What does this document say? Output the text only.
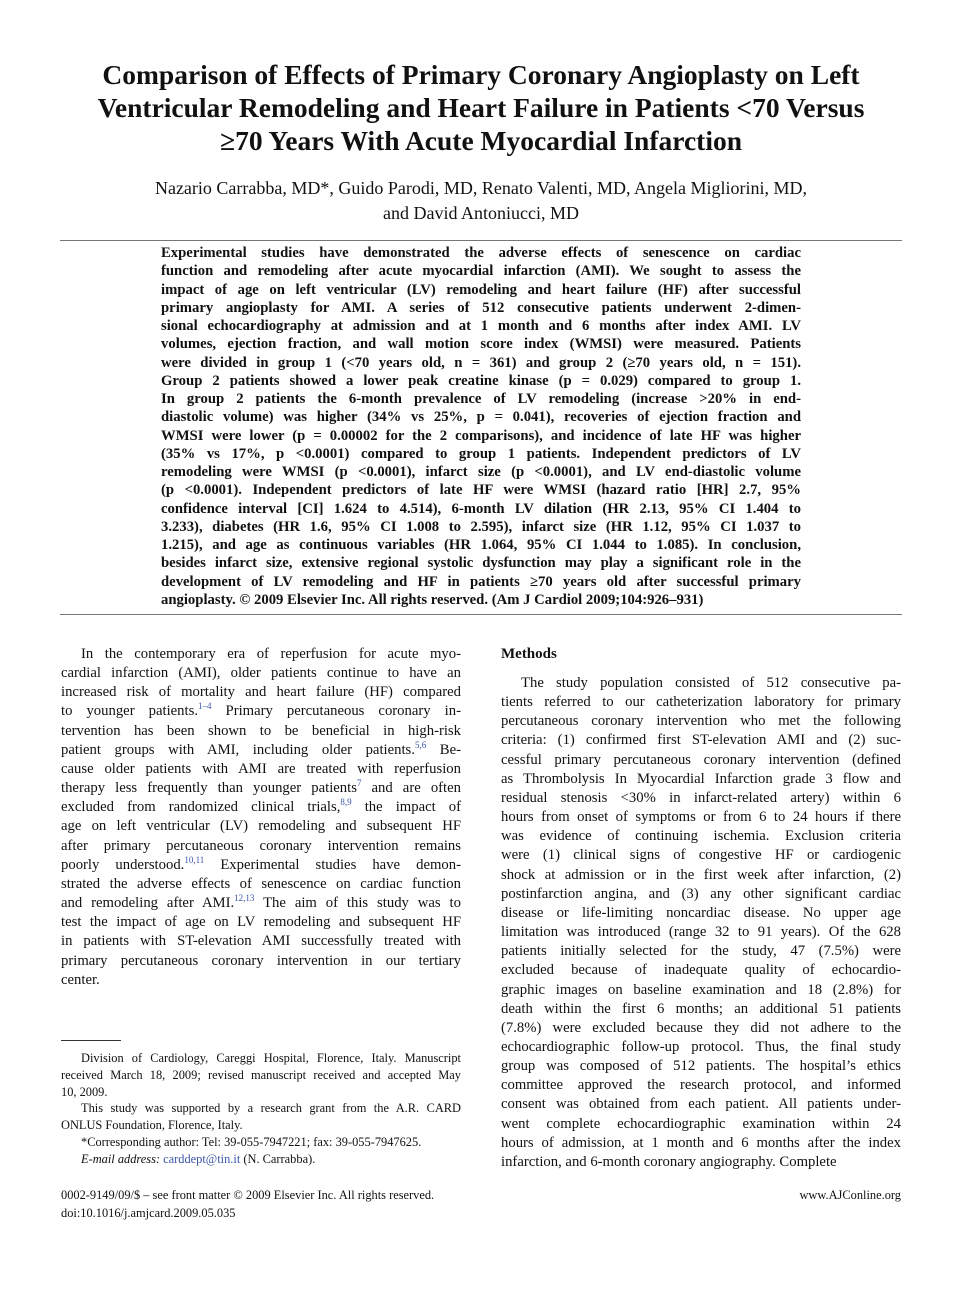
Comparison of Effects of Primary Coronary Angioplasty on Left
Ventricular Remodeling and Heart Failure in Patients <70 Versus
≥70 Years With Acute Myocardial Infarction
Nazario Carrabba, MD*, Guido Parodi, MD, Renato Valenti, MD, Angela Migliorini, MD,
and David Antoniucci, MD
Experimental studies have demonstrated the adverse effects of senescence on cardiac
function and remodeling after acute myocardial infarction (AMI). We sought to assess the
impact of age on left ventricular (LV) remodeling and heart failure (HF) after successful
primary angioplasty for AMI. A series of 512 consecutive patients underwent 2-dimen-
sional echocardiography at admission and at 1 month and 6 months after index AMI. LV
volumes, ejection fraction, and wall motion score index (WMSI) were measured. Patients
were divided in group 1 (<70 years old, n = 361) and group 2 (≥70 years old, n = 151).
Group 2 patients showed a lower peak creatine kinase (p = 0.029) compared to group 1.
In group 2 patients the 6-month prevalence of LV remodeling (increase >20% in end-
diastolic volume) was higher (34% vs 25%, p = 0.041), recoveries of ejection fraction and
WMSI were lower (p = 0.00002 for the 2 comparisons), and incidence of late HF was higher
(35% vs 17%, p <0.0001) compared to group 1 patients. Independent predictors of LV
remodeling were WMSI (p <0.0001), infarct size (p <0.0001), and LV end-diastolic volume
(p <0.0001). Independent predictors of late HF were WMSI (hazard ratio [HR] 2.7, 95%
confidence interval [CI] 1.624 to 4.514), 6-month LV dilation (HR 2.13, 95% CI 1.404 to
3.233), diabetes (HR 1.6, 95% CI 1.008 to 2.595), infarct size (HR 1.12, 95% CI 1.037 to
1.215), and age as continuous variables (HR 1.064, 95% CI 1.044 to 1.085). In conclusion,
besides infarct size, extensive regional systolic dysfunction may play a significant role in the
development of LV remodeling and HF in patients ≥70 years old after successful primary
angioplasty. © 2009 Elsevier Inc. All rights reserved. (Am J Cardiol 2009;104:926–931)
In the contemporary era of reperfusion for acute myo-
cardial infarction (AMI), older patients continue to have an
increased risk of mortality and heart failure (HF) compared
to younger patients.$^{1-4}$ Primary percutaneous coronary in-
tervention has been shown to be beneficial in high-risk
patient groups with AMI, including older patients.$^{5,6}$ Be-
cause older patients with AMI are treated with reperfusion
therapy less frequently than younger patients$^7$ and are often
excluded from randomized clinical trials,$^{8,9}$ the impact of
age on left ventricular (LV) remodeling and subsequent HF
after primary percutaneous coronary intervention remains
poorly understood.$^{10,11}$ Experimental studies have demon-
strated the adverse effects of senescence on cardiac function
and remodeling after AMI.$^{12,13}$ The aim of this study was to
test the impact of age on LV remodeling and subsequent HF
in patients with ST-elevation AMI successfully treated with
primary percutaneous coronary intervention in our tertiary
center.
Methods
The study population consisted of 512 consecutive pa-
tients referred to our catheterization laboratory for primary
percutaneous coronary intervention who met the following
criteria: (1) confirmed first ST-elevation AMI and (2) suc-
cessful primary percutaneous coronary intervention (defined
as Thrombolysis In Myocardial Infarction grade 3 flow and
residual stenosis <30% in infarct-related artery) within 6
hours from onset of symptoms or from 6 to 24 hours if there
was evidence of continuing ischemia. Exclusion criteria
were (1) clinical signs of congestive HF or cardiogenic
shock at admission or in the first week after infarction, (2)
postinfarction angina, and (3) any other significant cardiac
disease or life-limiting noncardiac disease. No upper age
limitation was introduced (range 32 to 91 years). Of the 628
patients initially selected for the study, 47 (7.5%) were
excluded because of inadequate quality of echocardio-
graphic images on baseline examination and 18 (2.8%) for
death within the first 6 months; an additional 51 patients
(7.8%) were excluded because they did not adhere to the
echocardiographic follow-up protocol. Thus, the final study
group was composed of 512 patients. The hospital’s ethics
committee approved the research protocol, and informed
consent was obtained from each patient. All patients under-
went complete echocardiographic examination within 24
hours of admission, at 1 month and 6 months after the index
infarction, and 6-month coronary angiography. Complete
Division of Cardiology, Careggi Hospital, Florence, Italy. Manuscript
received March 18, 2009; revised manuscript received and accepted May
10, 2009.
This study was supported by a research grant from the A.R. CARD
ONLUS Foundation, Florence, Italy.
*Corresponding author: Tel: 39-055-7947221; fax: 39-055-7947625.
E-mail address: carddept@tin.it (N. Carrabba).
0002-9149/09/$ – see front matter © 2009 Elsevier Inc. All rights reserved.
doi:10.1016/j.amjcard.2009.05.035
www.AJConline.org
